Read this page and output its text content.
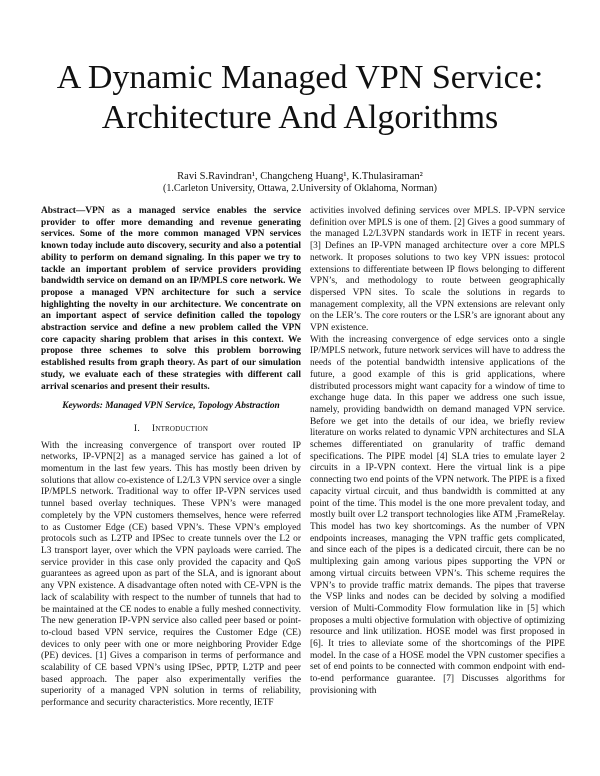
A Dynamic Managed VPN Service:
Architecture And Algorithms
Ravi S.Ravindran¹, Changcheng Huang¹, K.Thulasiraman²
(1.Carleton University, Ottawa, 2.University of Oklahoma, Norman)

Abstract—VPN as a managed service enables the service provider to offer more demanding and revenue generating services. Some of the more common managed VPN services known today include auto discovery, security and also a potential ability to perform on demand signaling. In this paper we try to tackle an important problem of service providers providing bandwidth service on demand on an IP/MPLS core network. We propose a managed VPN architecture for such a service highlighting the novelty in our architecture. We concentrate on an important aspect of service definition called the topology abstraction service and define a new problem called the VPN core capacity sharing problem that arises in this context. We propose three schemes to solve this problem borrowing established results from graph theory. As part of our simulation study, we evaluate each of these strategies with different call arrival scenarios and present their results.

Keywords: Managed VPN Service, Topology Abstraction

I. Introduction

With the increasing convergence of transport over routed IP networks, IP-VPN[2] as a managed service has gained a lot of momentum in the last few years. This has mostly been driven by solutions that allow co-existence of L2/L3 VPN service over a single IP/MPLS network. Traditional way to offer IP-VPN services used tunnel based overlay techniques. These VPN’s were managed completely by the VPN customers themselves, hence were referred to as Customer Edge (CE) based VPN’s. These VPN’s employed protocols such as L2TP and IPSec to create tunnels over the L2 or L3 transport layer, over which the VPN payloads were carried. The service provider in this case only provided the capacity and QoS guarantees as agreed upon as part of the SLA, and is ignorant about any VPN existence. A disadvantage often noted with CE-VPN is the lack of scalability with respect to the number of tunnels that had to be maintained at the CE nodes to enable a fully meshed connectivity. The new generation IP-VPN service also called peer based or point-to-cloud based VPN service, requires the Customer Edge (CE) devices to only peer with one or more neighboring Provider Edge (PE) devices. [1] Gives a comparison in terms of performance and scalability of CE based VPN’s using IPSec, PPTP, L2TP and peer based approach. The paper also experimentally verifies the superiority of a managed VPN solution in terms of reliability, performance and security characteristics. More recently, IETF

activities involved defining services over MPLS. IP-VPN service definition over MPLS is one of them. [2] Gives a good summary of the managed L2/L3VPN standards work in IETF in recent years. [3] Defines an IP-VPN managed architecture over a core MPLS network. It proposes solutions to two key VPN issues: protocol extensions to differentiate between IP flows belonging to different VPN’s, and methodology to route between geographically dispersed VPN sites. To scale the solutions in regards to management complexity, all the VPN extensions are relevant only on the LER’s. The core routers or the LSR’s are ignorant about any VPN existence.

With the increasing convergence of edge services onto a single IP/MPLS network, future network services will have to address the needs of the potential bandwidth intensive applications of the future, a good example of this is grid applications, where distributed processors might want capacity for a window of time to exchange huge data. In this paper we address one such issue, namely, providing bandwidth on demand managed VPN service. Before we get into the details of our idea, we briefly review literature on works related to dynamic VPN architectures and SLA schemes differentiated on granularity of traffic demand specifications. The PIPE model [4] SLA tries to emulate layer 2 circuits in a IP-VPN context. Here the virtual link is a pipe connecting two end points of the VPN network. The PIPE is a fixed capacity virtual circuit, and thus bandwidth is committed at any point of the time. This model is the one more prevalent today, and mostly built over L2 transport technologies like ATM ,FrameRelay. This model has two key shortcomings. As the number of VPN endpoints increases, managing the VPN traffic gets complicated, and since each of the pipes is a dedicated circuit, there can be no multiplexing gain among various pipes supporting the VPN or among virtual circuits between VPN’s. This scheme requires the VPN’s to provide traffic matrix demands. The pipes that traverse the VSP links and nodes can be decided by solving a modified version of Multi-Commodity Flow formulation like in [5] which proposes a multi objective formulation with objective of optimizing resource and link utilization. HOSE model was first proposed in [6]. It tries to alleviate some of the shortcomings of the PIPE model. In the case of a HOSE model the VPN customer specifies a set of end points to be connected with common endpoint with end-to-end performance guarantee. [7] Discusses algorithms for provisioning with
